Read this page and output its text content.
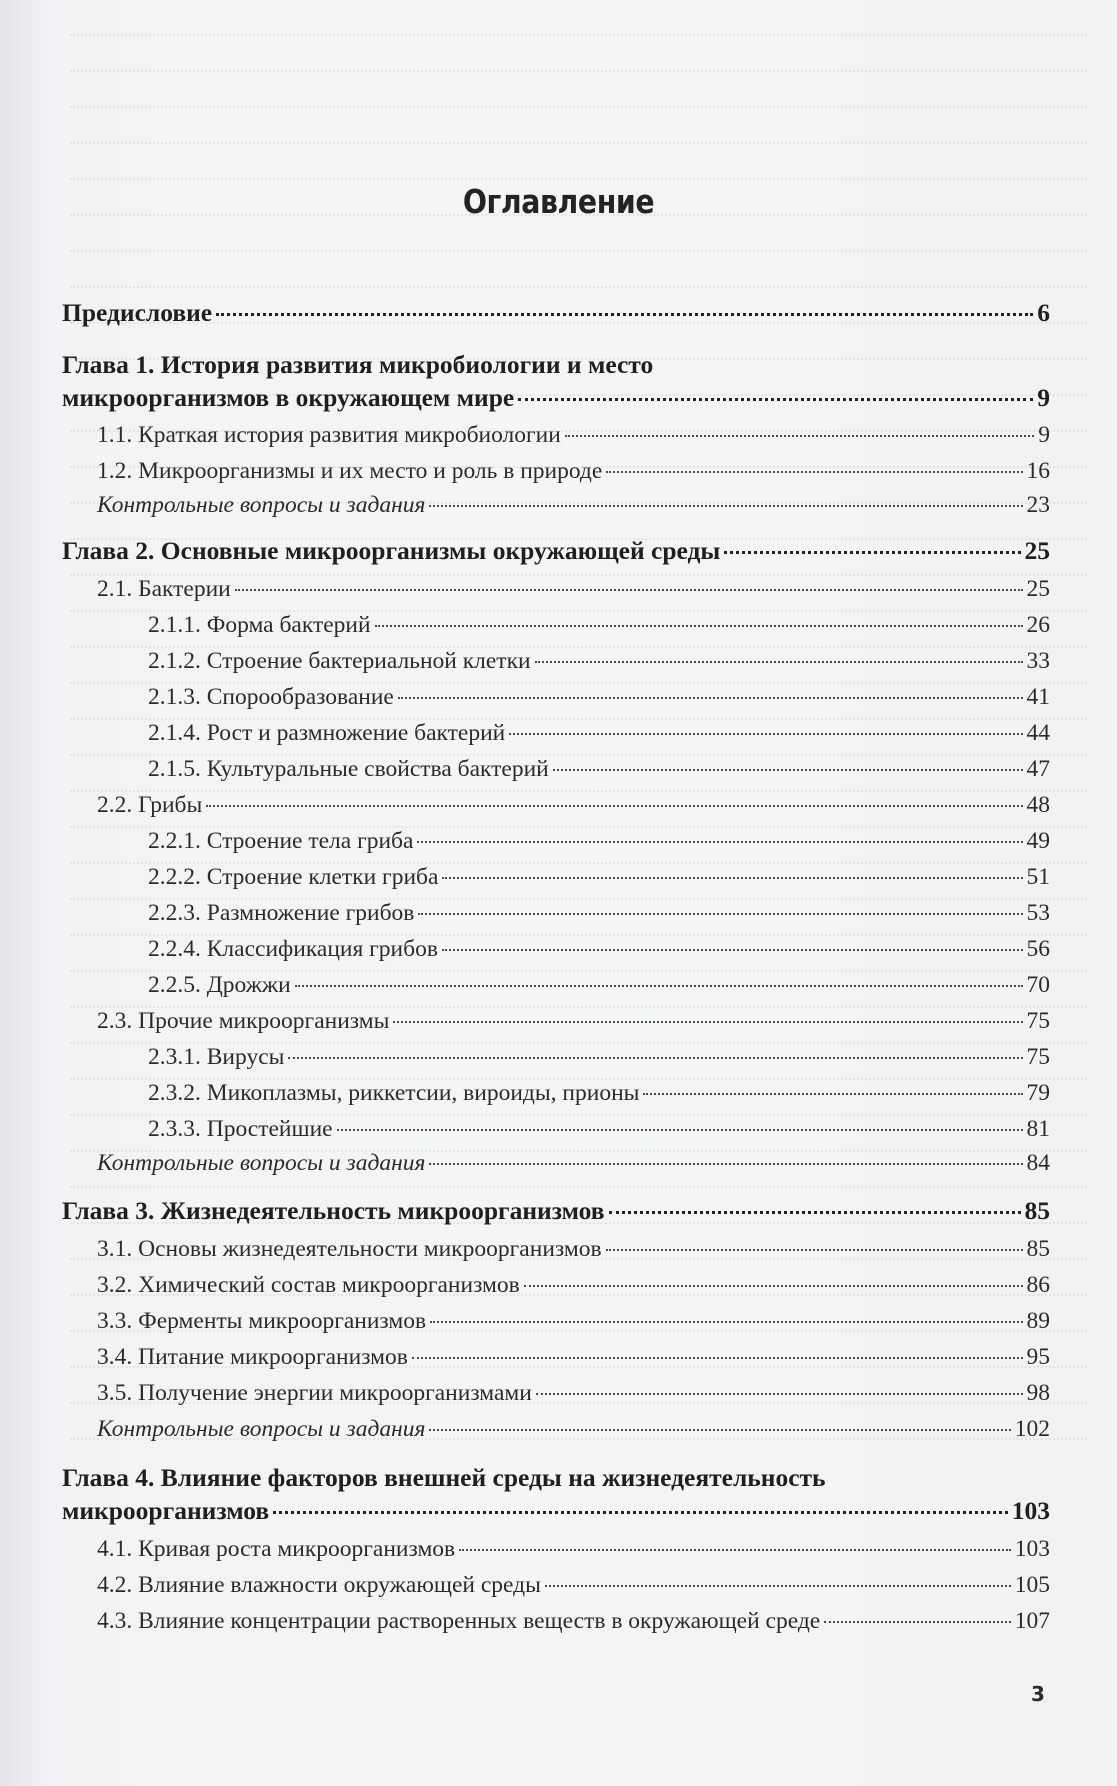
Оглавление
Предисловие	6
Глава 1. История развития микробиологии и место
микроорганизмов в окружающем мире	9
1.1. Краткая история развития микробиологии	9
1.2. Микроорганизмы и их место и роль в природе	16
Контрольные вопросы и задания	23
Глава 2. Основные микроорганизмы окружающей среды	25
2.1. Бактерии	25
2.1.1. Форма бактерий	26
2.1.2. Строение бактериальной клетки	33
2.1.3. Спорообразование	41
2.1.4. Рост и размножение бактерий	44
2.1.5. Культуральные свойства бактерий	47
2.2. Грибы	48
2.2.1. Строение тела гриба	49
2.2.2. Строение клетки гриба	51
2.2.3. Размножение грибов	53
2.2.4. Классификация грибов	56
2.2.5. Дрожжи	70
2.3. Прочие микроорганизмы	75
2.3.1. Вирусы	75
2.3.2. Микоплазмы, риккетсии, вироиды, прионы	79
2.3.3. Простейшие	81
Контрольные вопросы и задания	84
Глава 3. Жизнедеятельность микроорганизмов	85
3.1. Основы жизнедеятельности микроорганизмов	85
3.2. Химический состав микроорганизмов	86
3.3. Ферменты микроорганизмов	89
3.4. Питание микроорганизмов	95
3.5. Получение энергии микроорганизмами	98
Контрольные вопросы и задания	102
Глава 4. Влияние факторов внешней среды на жизнедеятельность
микроорганизмов	103
4.1. Кривая роста микроорганизмов	103
4.2. Влияние влажности окружающей среды	105
4.3. Влияние концентрации растворенных веществ в окружающей среде	107
3
